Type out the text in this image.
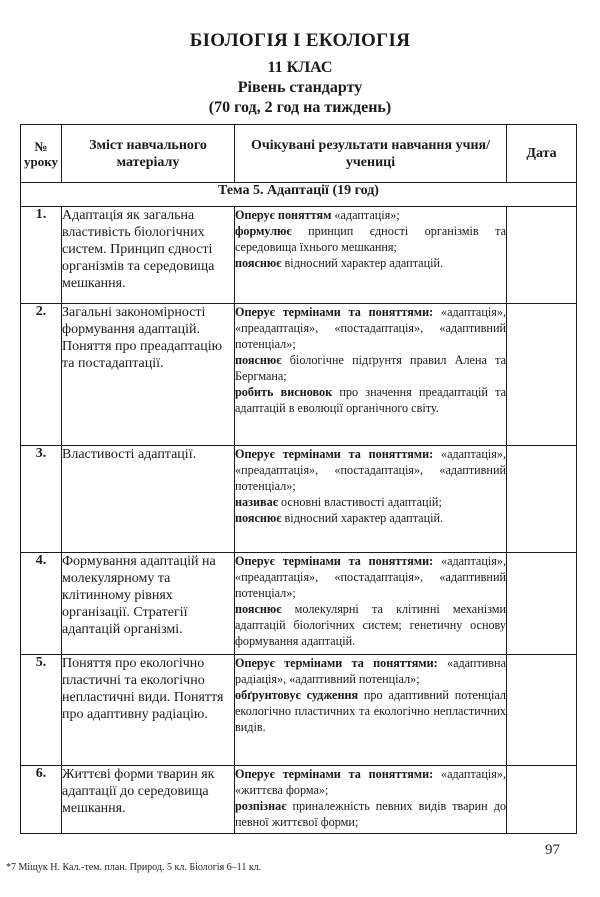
БІОЛОГІЯ І ЕКОЛОГІЯ
11 КЛАС
Рівень стандарту
(70 год, 2 год на тиждень)
№ уроку	Зміст навчального матеріалу	Очікувані результати навчання учня/учениці	Дата
Тема 5. Адаптації (19 год)			
1.	Адаптація як загальна властивість біологічних систем. Принцип єдності організмів та середовища мешкання.	Оперує поняттям «адаптація»;

формулює принцип єдності організмів та середовища їхнього мешкання;

пояснює відносний характер адаптацій.	

2.	Загальні закономірності формування адаптацій. Поняття про преадаптацію та постадаптації.	Оперує термінами та поняттями: «адаптація», «преадаптація», «постадаптація», «адаптивний потенціал»;

пояснює біологічне підґрунтя правил Алена та Бергмана;

робить висновок про значення преадаптацій та адаптацій в еволюції органічного світу.	

3.	Властивості адаптації.	Оперує термінами та поняттями: «адаптація», «преадаптація», «постадаптація», «адаптивний потенціал»;

називає основні властивості адаптацій;

пояснює відносний характер адаптацій.	

4.	Формування адаптацій на молекулярному та клітинному рівнях організації. Стратегії адаптацій організмі.	Оперує термінами та поняттями: «адаптація», «преадаптація», «постадаптація», «адаптивний потенціал»;

пояснює молекулярні та клітинні механізми адаптацій біологічних систем; генетичну основу формування адаптацій.	

5.	Поняття про екологічно пластичні та екологічно непластичні види. Поняття про адаптивну радіацію.	Оперує термінами та поняттями: «адаптивна радіація», «адаптивний потенціал»;

обґрунтовує судження про адаптивний потенціал екологічно пластичних та екологічно непластичних видів.	

6.	Життєві форми тварин як адаптації до середовища мешкання.	Оперує термінами та поняттями: «адаптація», «життєва форма»;

розпізнає приналежність певних видів тварин до певної життєвої форми;	

97
*7 Міщук Н. Кал.-тем. план. Природ. 5 кл. Біологія 6–11 кл.
